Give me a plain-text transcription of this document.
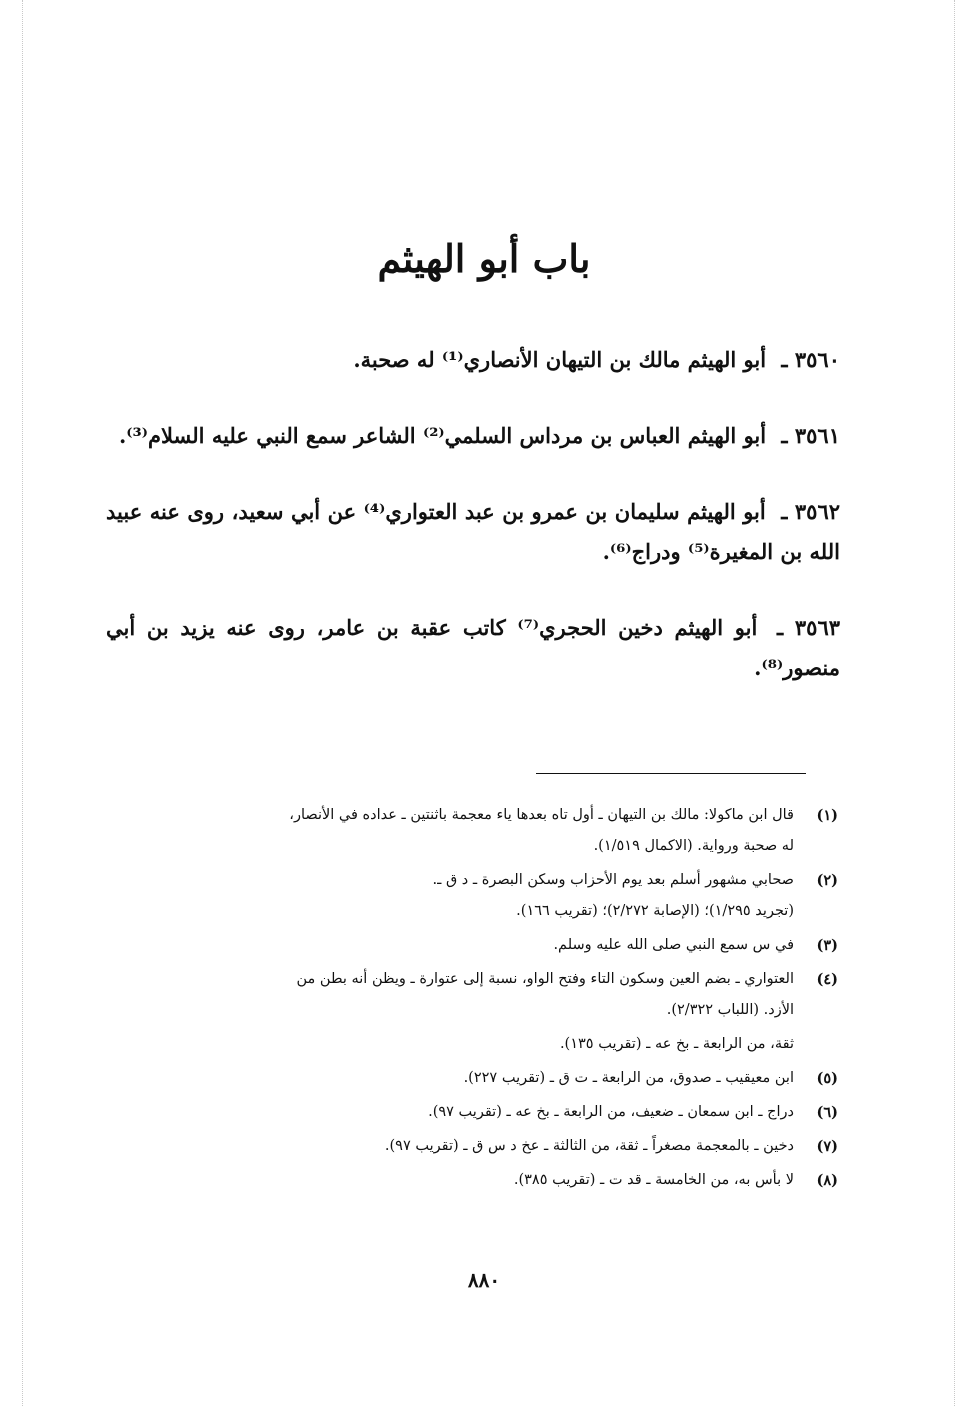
باب أبو الهيثم
٣٥٦٠ ـ أبو الهيثم مالك بن التيهان الأنصاري⁽¹⁾ له صحبة.
٣٥٦١ ـ أبو الهيثم العباس بن مرداس السلمي⁽²⁾ الشاعر سمع النبي عليه السلام⁽³⁾.
٣٥٦٢ ـ أبو الهيثم سليمان بن عمرو بن عبد العتواري⁽⁴⁾ عن أبي سعيد، روى عنه عبيد الله بن المغيرة⁽⁵⁾ ودراج⁽⁶⁾.
٣٥٦٣ ـ أبو الهيثم دخين الحجري⁽⁷⁾ كاتب عقبة بن عامر، روى عنه يزيد بن أبي منصور⁽⁸⁾.
(١)
قال ابن ماكولا: مالك بن التيهان ـ أول تاه بعدها ياء معجمة باثنتين ـ عداده في الأنصار،
له صحبة ورواية. (الاكمال ١/٥١٩).
(٢)
صحابي مشهور أسلم بعد يوم الأحزاب وسكن البصرة ـ د ق ـ.
(تجريد ١/٢٩٥)؛ (الإصابة ٢/٢٧٢)؛ (تقريب ١٦٦).
(٣)
في س سمع النبي صلى الله عليه وسلم.
(٤)
العتواري ـ بضم العين وسكون التاء وفتح الواو، نسبة إلى عتوارة ـ ويظن أنه بطن من
الأزد. (اللباب ٢/٣٢٢).
ثقة، من الرابعة ـ بخ عه ـ (تقريب ١٣٥).
(٥)
ابن معيقيب ـ صدوق، من الرابعة ـ ت ق ـ (تقريب ٢٢٧).
(٦)
دراج ـ ابن سمعان ـ ضعيف، من الرابعة ـ بخ عه ـ (تقريب ٩٧).
(٧)
دخين ـ بالمعجمة مصغراً ـ ثقة، من الثالثة ـ عخ د س ق ـ (تقريب ٩٧).
(٨)
لا بأس به، من الخامسة ـ قد ت ـ (تقريب ٣٨٥).
٨٨٠
